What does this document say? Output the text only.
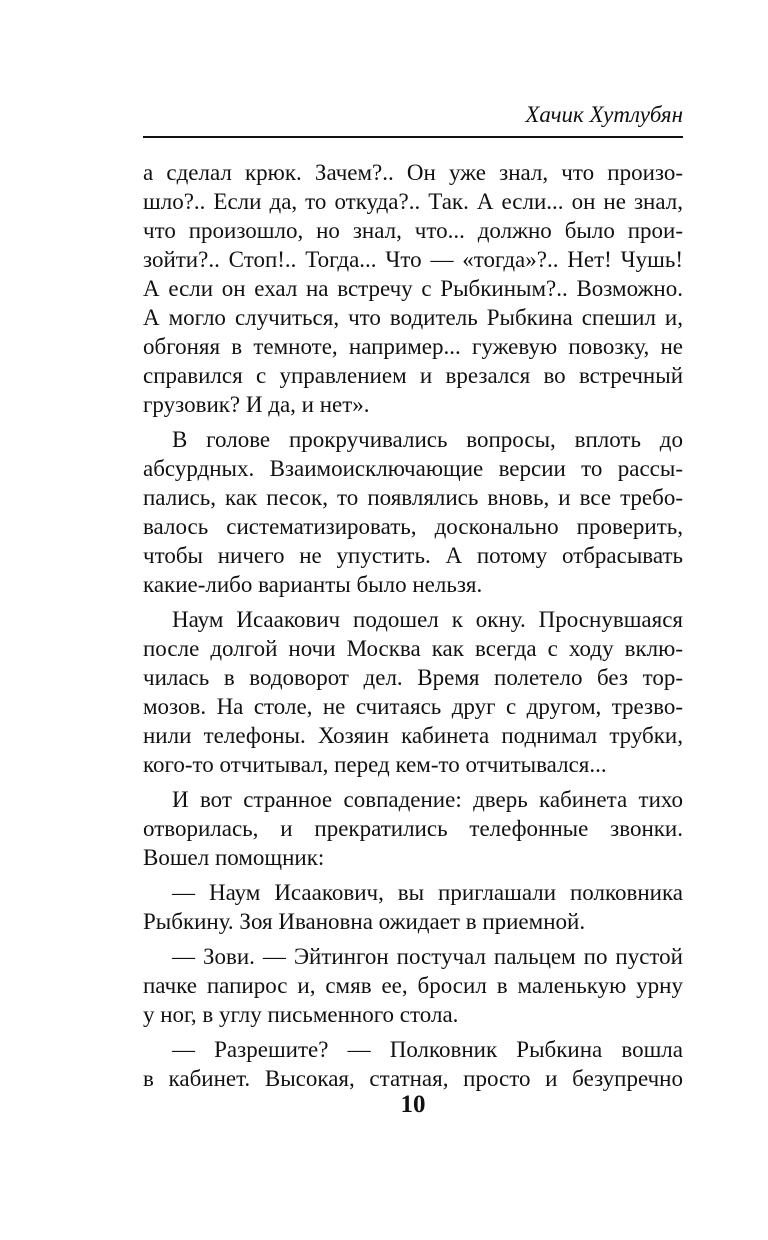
Хачик Хутлубян
а сделал крюк. Зачем?.. Он уже знал, что произо-
шло?.. Если да, то откуда?.. Так. А если... он не знал,
что произошло, но знал, что... должно было прои-
зойти?.. Стоп!.. Тогда... Что — «тогда»?.. Нет! Чушь!
А если он ехал на встречу с Рыбкиным?.. Возможно.
А могло случиться, что водитель Рыбкина спешил и,
обгоняя в темноте, например... гужевую повозку, не
справился с управлением и врезался во встречный
грузовик? И да, и нет».
В голове прокручивались вопросы, вплоть до
абсурдных. Взаимоисключающие версии то рассы-
пались, как песок, то появлялись вновь, и все требо-
валось систематизировать, досконально проверить,
чтобы ничего не упустить. А потому отбрасывать
какие-либо варианты было нельзя.
Наум Исаакович подошел к окну. Проснувшаяся
после долгой ночи Москва как всегда с ходу вклю-
чилась в водоворот дел. Время полетело без тор-
мозов. На столе, не считаясь друг с другом, трезво-
нили телефоны. Хозяин кабинета поднимал трубки,
кого-то отчитывал, перед кем-то отчитывался...
И вот странное совпадение: дверь кабинета тихо
отворилась, и прекратились телефонные звонки.
Вошел помощник:
— Наум Исаакович, вы приглашали полковника
Рыбкину. Зоя Ивановна ожидает в приемной.
— Зови. — Эйтингон постучал пальцем по пустой
пачке папирос и, смяв ее, бросил в маленькую урну
у ног, в углу письменного стола.
— Разрешите? — Полковник Рыбкина вошла
в кабинет. Высокая, статная, просто и безупречно
10
